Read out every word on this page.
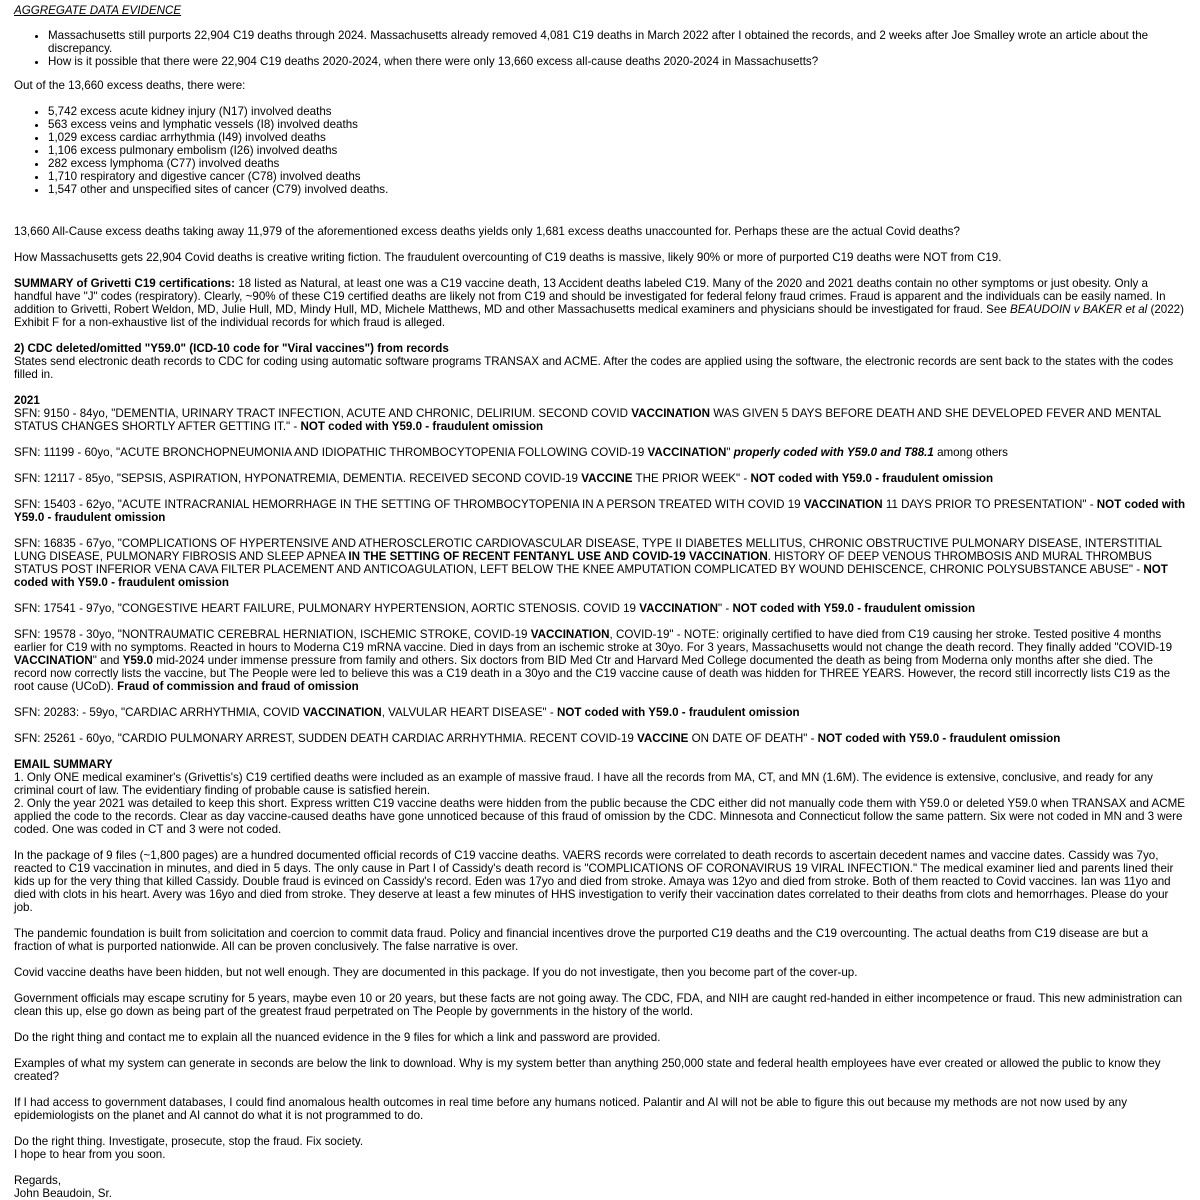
AGGREGATE DATA EVIDENCE
• Massachusetts still purports 22,904 C19 deaths through 2024. Massachusetts already removed 4,081 C19 deaths in March 2022 after I obtained the records, and 2 weeks after Joe Smalley wrote an article about the discrepancy.
• How is it possible that there were 22,904 C19 deaths 2020-2024, when there were only 13,660 excess all-cause deaths 2020-2024 in Massachusetts?

Out of the 13,660 excess deaths, there were:

• 5,742 excess acute kidney injury (N17) involved deaths
• 563 excess veins and lymphatic vessels (I8) involved deaths
• 1,029 excess cardiac arrhythmia (I49) involved deaths
• 1,106 excess pulmonary embolism (I26) involved deaths
• 282 excess lymphoma (C77) involved deaths
• 1,710 respiratory and digestive cancer (C78) involved deaths
• 1,547 other and unspecified sites of cancer (C79) involved deaths.

13,660 All-Cause excess deaths taking away 11,979 of the aforementioned excess deaths yields only 1,681 excess deaths unaccounted for. Perhaps these are the actual Covid deaths?

How Massachusetts gets 22,904 Covid deaths is creative writing fiction. The fraudulent overcounting of C19 deaths is massive, likely 90% or more of purported C19 deaths were NOT from C19.

SUMMARY of Grivetti C19 certifications: 18 listed as Natural, at least one was a C19 vaccine death, 13 Accident deaths labeled C19. Many of the 2020 and 2021 deaths contain no other symptoms or just obesity. Only a handful have "J" codes (respiratory). Clearly, ~90% of these C19 certified deaths are likely not from C19 and should be investigated for federal felony fraud crimes. Fraud is apparent and the individuals can be easily named. In addition to Grivetti, Robert Weldon, MD, Julie Hull, MD, Mindy Hull, MD, Michele Matthews, MD and other Massachusetts medical examiners and physicians should be investigated for fraud. See BEAUDOIN v BAKER et al (2022) Exhibit F for a non-exhaustive list of the individual records for which fraud is alleged.

2) CDC deleted/omitted "Y59.0" (ICD-10 code for "Viral vaccines") from records
States send electronic death records to CDC for coding using automatic software programs TRANSAX and ACME. After the codes are applied using the software, the electronic records are sent back to the states with the codes filled in.

2021

SFN: 9150 - 84yo, "DEMENTIA, URINARY TRACT INFECTION, ACUTE AND CHRONIC, DELIRIUM. SECOND COVID VACCINATION WAS GIVEN 5 DAYS BEFORE DEATH AND SHE DEVELOPED FEVER AND MENTAL STATUS CHANGES SHORTLY AFTER GETTING IT." - NOT coded with Y59.0 - fraudulent omission

SFN: 11199 - 60yo, "ACUTE BRONCHOPNEUMONIA AND IDIOPATHIC THROMBOCYTOPENIA FOLLOWING COVID-19 VACCINATION" properly coded with Y59.0 and T88.1 among others

SFN: 12117 - 85yo, "SEPSIS, ASPIRATION, HYPONATREMIA, DEMENTIA. RECEIVED SECOND COVID-19 VACCINE THE PRIOR WEEK" - NOT coded with Y59.0 - fraudulent omission

SFN: 15403 - 62yo, "ACUTE INTRACRANIAL HEMORRHAGE IN THE SETTING OF THROMBOCYTOPENIA IN A PERSON TREATED WITH COVID 19 VACCINATION 11 DAYS PRIOR TO PRESENTATION" - NOT coded with Y59.0 - fraudulent omission

SFN: 16835 - 67yo, "COMPLICATIONS OF HYPERTENSIVE AND ATHEROSCLEROTIC CARDIOVASCULAR DISEASE, TYPE II DIABETES MELLITUS, CHRONIC OBSTRUCTIVE PULMONARY DISEASE, INTERSTITIAL LUNG DISEASE, PULMONARY FIBROSIS AND SLEEP APNEA IN THE SETTING OF RECENT FENTANYL USE AND COVID-19 VACCINATION. HISTORY OF DEEP VENOUS THROMBOSIS AND MURAL THROMBUS STATUS POST INFERIOR VENA CAVA FILTER PLACEMENT AND ANTICOAGULATION, LEFT BELOW THE KNEE AMPUTATION COMPLICATED BY WOUND DEHISCENCE, CHRONIC POLYSUBSTANCE ABUSE" - NOT coded with Y59.0 - fraudulent omission

SFN: 17541 - 97yo, "CONGESTIVE HEART FAILURE, PULMONARY HYPERTENSION, AORTIC STENOSIS. COVID 19 VACCINATION" - NOT coded with Y59.0 - fraudulent omission

SFN: 19578 - 30yo, "NONTRAUMATIC CEREBRAL HERNIATION, ISCHEMIC STROKE, COVID-19 VACCINATION, COVID-19" - NOTE: originally certified to have died from C19 causing her stroke. Tested positive 4 months earlier for C19 with no symptoms. Reacted in hours to Moderna C19 mRNA vaccine. Died in days from an ischemic stroke at 30yo. For 3 years, Massachusetts would not change the death record. They finally added "COVID-19 VACCINATION" and Y59.0 mid-2024 under immense pressure from family and others. Six doctors from BID Med Ctr and Harvard Med College documented the death as being from Moderna only months after she died. The record now correctly lists the vaccine, but The People were led to believe this was a C19 death in a 30yo and the C19 vaccine cause of death was hidden for THREE YEARS. However, the record still incorrectly lists C19 as the root cause (UCoD). Fraud of commission and fraud of omission

SFN: 20283: - 59yo, "CARDIAC ARRHYTHMIA, COVID VACCINATION, VALVULAR HEART DISEASE" - NOT coded with Y59.0 - fraudulent omission

SFN: 25261 - 60yo, "CARDIO PULMONARY ARREST, SUDDEN DEATH CARDIAC ARRHYTHMIA. RECENT COVID-19 VACCINE ON DATE OF DEATH" - NOT coded with Y59.0 - fraudulent omission

EMAIL SUMMARY
1. Only ONE medical examiner's (Grivettis's) C19 certified deaths were included as an example of massive fraud. I have all the records from MA, CT, and MN (1.6M). The evidence is extensive, conclusive, and ready for any criminal court of law. The evidentiary finding of probable cause is satisfied herein.
2. Only the year 2021 was detailed to keep this short. Express written C19 vaccine deaths were hidden from the public because the CDC either did not manually code them with Y59.0 or deleted Y59.0 when TRANSAX and ACME applied the code to the records. Clear as day vaccine-caused deaths have gone unnoticed because of this fraud of omission by the CDC. Minnesota and Connecticut follow the same pattern. Six were not coded in MN and 3 were coded. One was coded in CT and 3 were not coded.

In the package of 9 files (~1,800 pages) are a hundred documented official records of C19 vaccine deaths. VAERS records were correlated to death records to ascertain decedent names and vaccine dates. Cassidy was 7yo, reacted to C19 vaccination in minutes, and died in 5 days. The only cause in Part I of Cassidy's death record is "COMPLICATIONS OF CORONAVIRUS 19 VIRAL INFECTION." The medical examiner lied and parents lined their kids up for the very thing that killed Cassidy. Double fraud is evinced on Cassidy's record. Eden was 17yo and died from stroke. Amaya was 12yo and died from stroke. Both of them reacted to Covid vaccines. Ian was 11yo and died with clots in his heart. Avery was 16yo and died from stroke. They deserve at least a few minutes of HHS investigation to verify their vaccination dates correlated to their deaths from clots and hemorrhages. Please do your job.

The pandemic foundation is built from solicitation and coercion to commit data fraud. Policy and financial incentives drove the purported C19 deaths and the C19 overcounting. The actual deaths from C19 disease are but a fraction of what is purported nationwide. All can be proven conclusively. The false narrative is over.

Covid vaccine deaths have been hidden, but not well enough. They are documented in this package. If you do not investigate, then you become part of the cover-up.

Government officials may escape scrutiny for 5 years, maybe even 10 or 20 years, but these facts are not going away. The CDC, FDA, and NIH are caught red-handed in either incompetence or fraud. This new administration can clean this up, else go down as being part of the greatest fraud perpetrated on The People by governments in the history of the world.

Do the right thing and contact me to explain all the nuanced evidence in the 9 files for which a link and password are provided.

Examples of what my system can generate in seconds are below the link to download. Why is my system better than anything 250,000 state and federal health employees have ever created or allowed the public to know they created?

If I had access to government databases, I could find anomalous health outcomes in real time before any humans noticed. Palantir and AI will not be able to figure this out because my methods are not now used by any epidemiologists on the planet and AI cannot do what it is not programmed to do.

Do the right thing. Investigate, prosecute, stop the fraud. Fix society.
I hope to hear from you soon.

Regards,
John Beaudoin, Sr.
